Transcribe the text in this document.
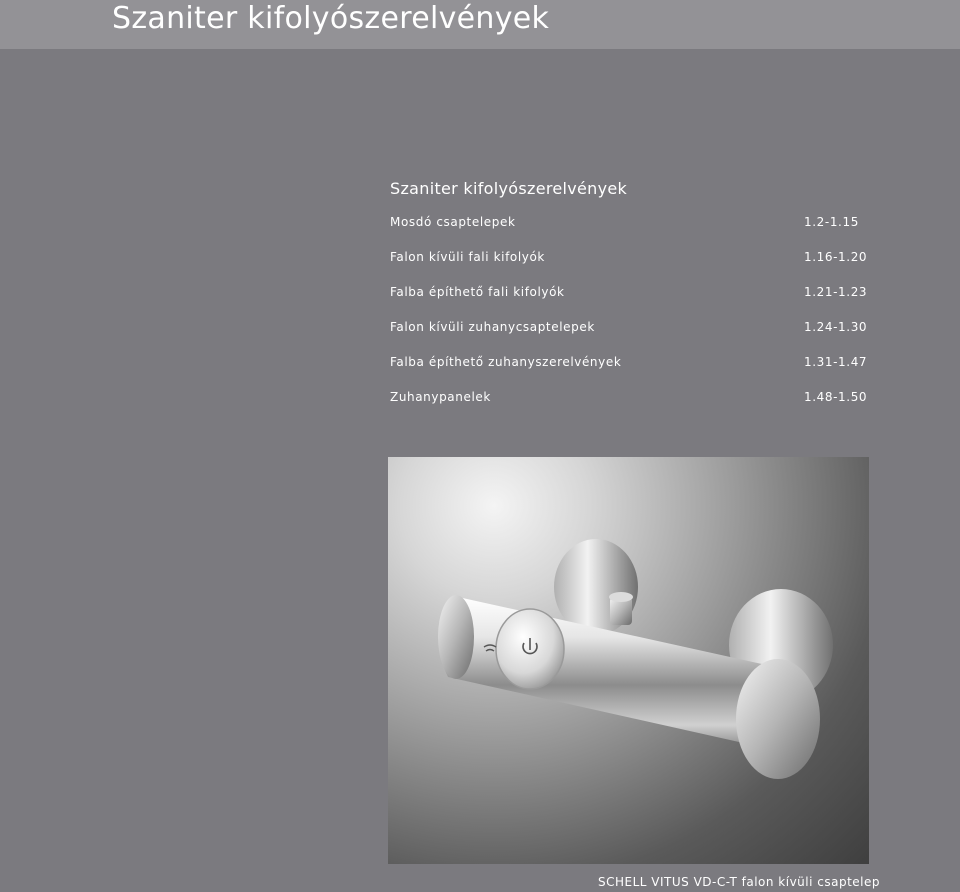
Szaniter kifolyószerelvények
Szaniter kifolyószerelvények
Mosdó csaptelepek	1.2-1.15
Falon kívüli fali kifolyók	1.16-1.20
Falba építhető fali kifolyók	1.21-1.23
Falon kívüli zuhanycsaptelepek	1.24-1.30
Falba építhető zuhanyszerelvények	1.31-1.47
Zuhanypanelek	1.48-1.50
SCHELL VITUS VD-C-T falon kívüli csaptelep
